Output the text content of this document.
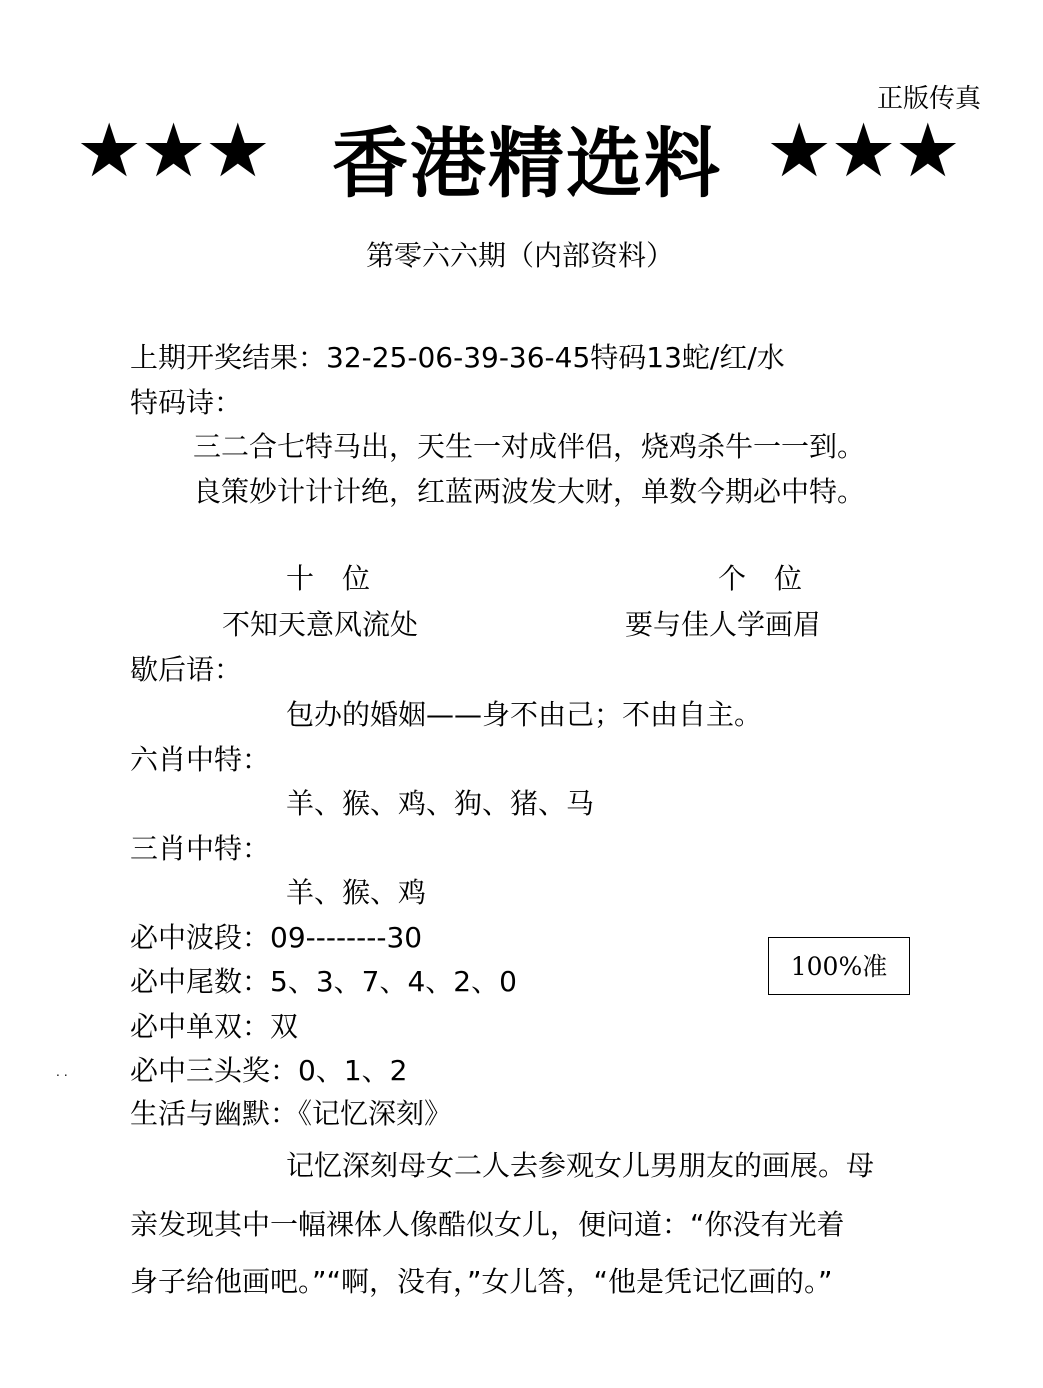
正版传真
★★★ 香港精选料 ★★★
第零六六期（内部资料）
上期开奖结果：32-25-06-39-36-45特码13蛇/红/水
特码诗：
三二合七特马出，天生一对成伴侣，烧鸡杀牛一一到。
良策妙计计计绝，红蓝两波发大财，单数今期必中特。
十　位	个　位
不知天意风流处	要与佳人学画眉
歇后语：
包办的婚姻——身不由己；不由自主。
六肖中特：
羊、猴、鸡、狗、猪、马
三肖中特：
羊、猴、鸡
必中波段：09--------30
必中尾数：5、3、7、4、2、0
必中单双：双
.. 必中三头奖：0、1、2
生活与幽默：《记忆深刻》
100%准
记忆深刻母女二人去参观女儿男朋友的画展。母
亲发现其中一幅裸体人像酷似女儿，便问道：“你没有光着
身子给他画吧。”“啊，没有，”女儿答，“他是凭记忆画的。”
